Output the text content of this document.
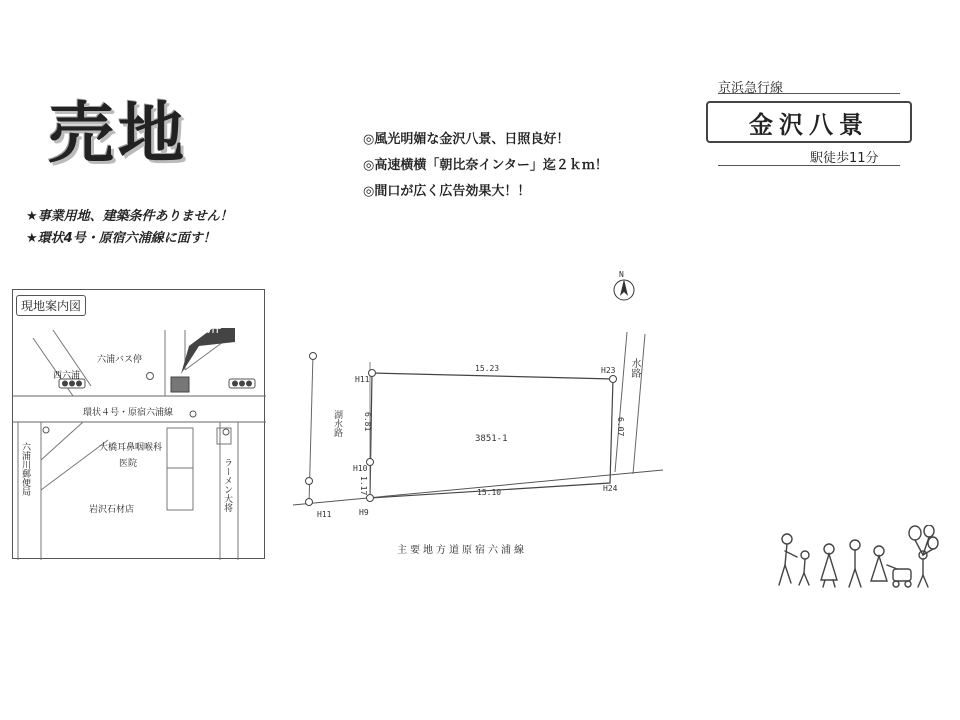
売地
京浜急行線
金沢八景
駅徒歩11分
◎風光明媚な金沢八景、日照良好！
◎高速横横「朝比奈インター」迄２ｋｍ！
◎間口が広く広告効果大！！
★事業用地、建築条件ありません！
★環状4号・原宿六浦線に面す！
物件
六浦バス停
西六浦
環状４号・原宿六浦線
大橋耳鼻咽喉科
医院
岩沢石材店
六浦川郵便局	ラーメン大将
現地案内図
N
15.23
15.10
6.81
1.17
6.07
3851-1
湖水路
水路
H11
H23
H10
H9
H24
H11
主要地方道原宿六浦線
